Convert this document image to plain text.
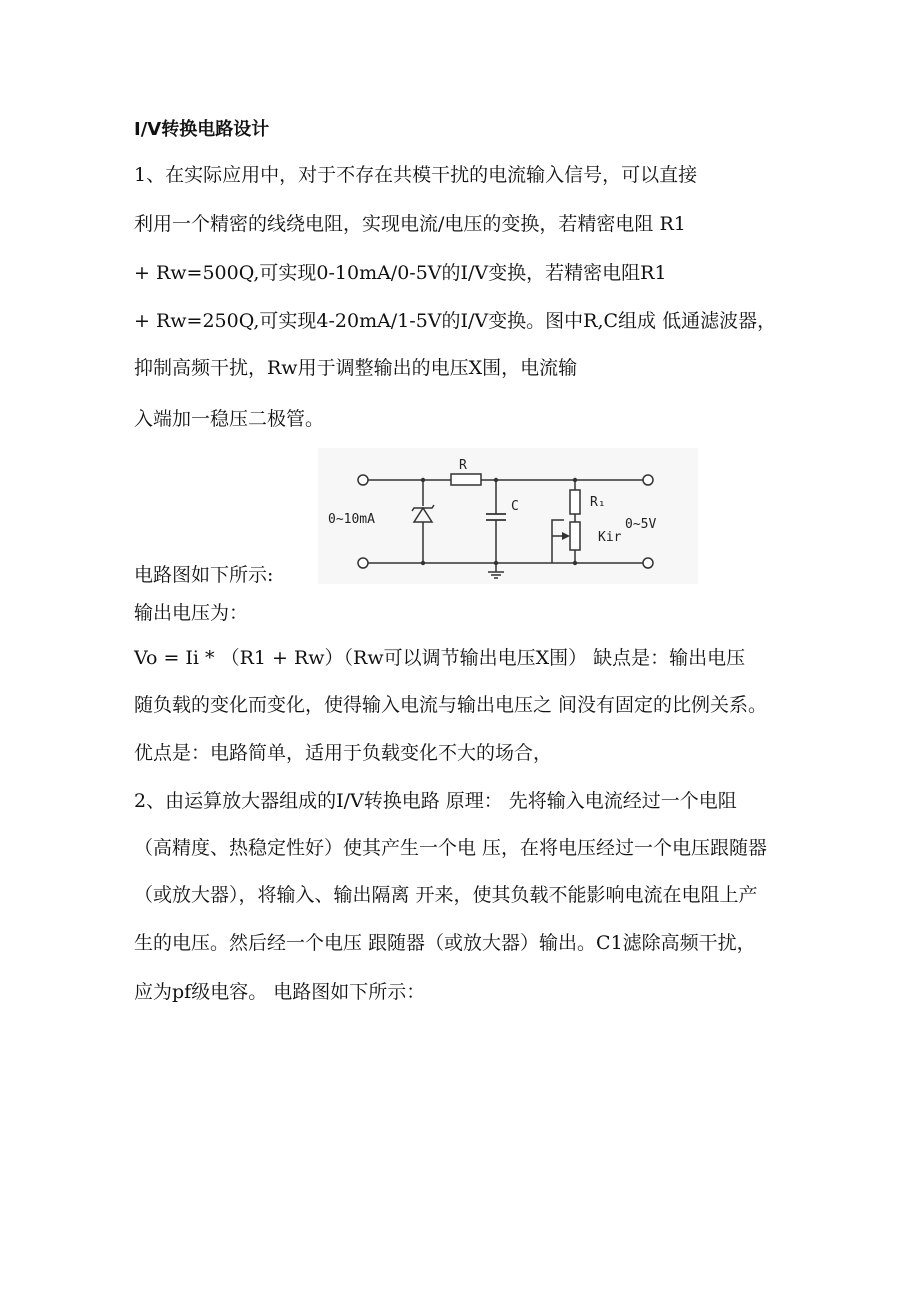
I/V转换电路设计
1、在实际应用中，对于不存在共模干扰的电流输入信号，可以直接
利用一个精密的线绕电阻，实现电流/电压的变换，若精密电阻 R1
+ Rw=500Q,可实现0-10mA/0-5V的I/V变换，若精密电阻R1
+ Rw=250Q,可实现4-20mA/1-5V的I/V变换。图中R,C组成 低通滤波器，
抑制高频干扰，Rw用于调整输出的电压X围，电流输
入端加一稳压二极管。
电路图如下所示:
输出电压为：
Vo = Ii * （R1 + Rw）（Rw可以调节输出电压X围） 缺点是：输出电压
随负载的变化而变化，使得输入电流与输出电压之 间没有固定的比例关系。
优点是：电路简单，适用于负载变化不大的场合，
2、由运算放大器组成的I/V转换电路 原理： 先将输入电流经过一个电阻
（高精度、热稳定性好）使其产生一个电 压，在将电压经过一个电压跟随器
（或放大器），将输入、输出隔离 开来，使其负载不能影响电流在电阻上产
生的电压。然后经一个电压 跟随器（或放大器）输出。C1滤除高频干扰，
应为pf级电容。 电路图如下所示：
0~10mA
R
C	R₁
Kir
0~5V
